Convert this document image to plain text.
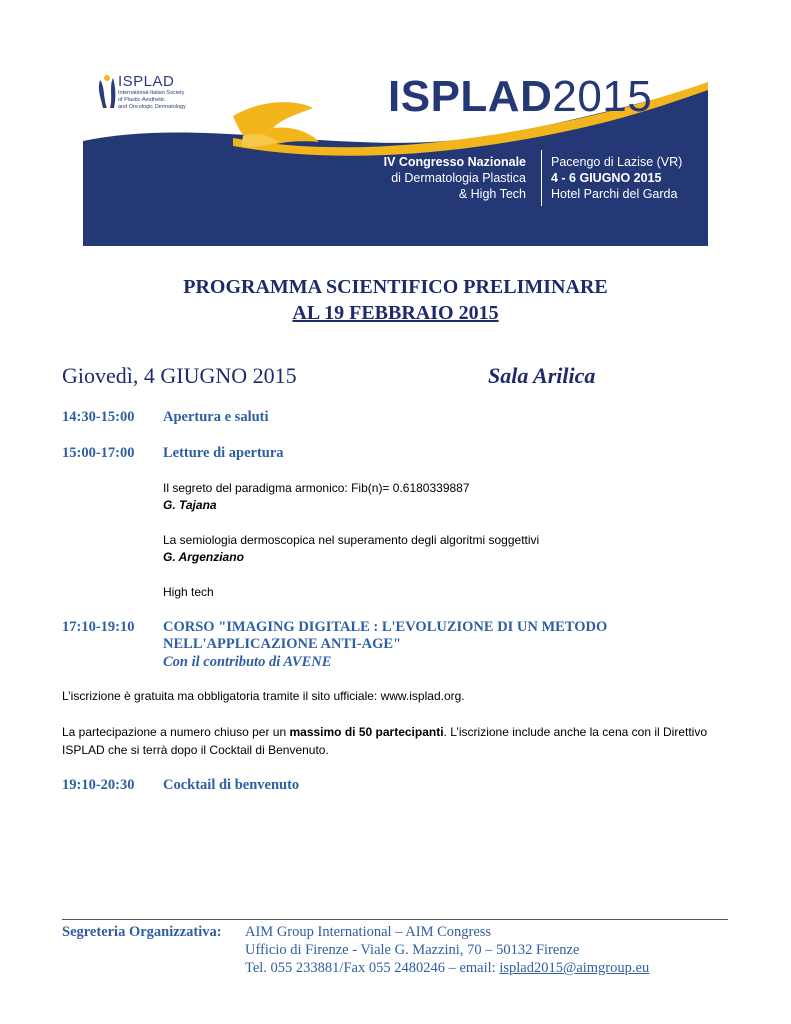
ISPLAD
International-Italian Society
of Plastic-Aesthetic
and Oncologic Dermatology	ISPLAD2015
IV Congresso Nazionale
di Dermatologia Plastica
& High Tech
Pacengo di Lazise (VR)
4 - 6 GIUGNO 2015
Hotel Parchi del Garda
PROGRAMMA SCIENTIFICO PRELIMINARE
AL 19 FEBBRAIO 2015
Giovedì, 4 GIUGNO 2015	Sala Arilica
14:30-15:00 Apertura e saluti
15:00-17:00 Letture di apertura
Il segreto del paradigma armonico: Fib(n)= 0.6180339887
G. Tajana
La semiologia dermoscopica nel superamento degli algoritmi soggettivi
G. Argenziano
High tech
17:10-19:10 CORSO "IMAGING DIGITALE : L'EVOLUZIONE DI UN METODO
NELL'APPLICAZIONE ANTI-AGE"
Con il contributo di AVENE
L’iscrizione è gratuita ma obbligatoria tramite il sito ufficiale: www.isplad.org.
La partecipazione a numero chiuso per un massimo di 50 partecipanti. L’iscrizione include anche la cena con il Direttivo ISPLAD che si terrà dopo il Cocktail di Benvenuto.
19:10-20:30 Cocktail di benvenuto
Segreteria Organizzativa: AIM Group International – AIM Congress
Ufficio di Firenze - Viale G. Mazzini, 70 – 50132 Firenze
Tel. 055 233881/Fax 055 2480246 – email: isplad2015@aimgroup.eu
